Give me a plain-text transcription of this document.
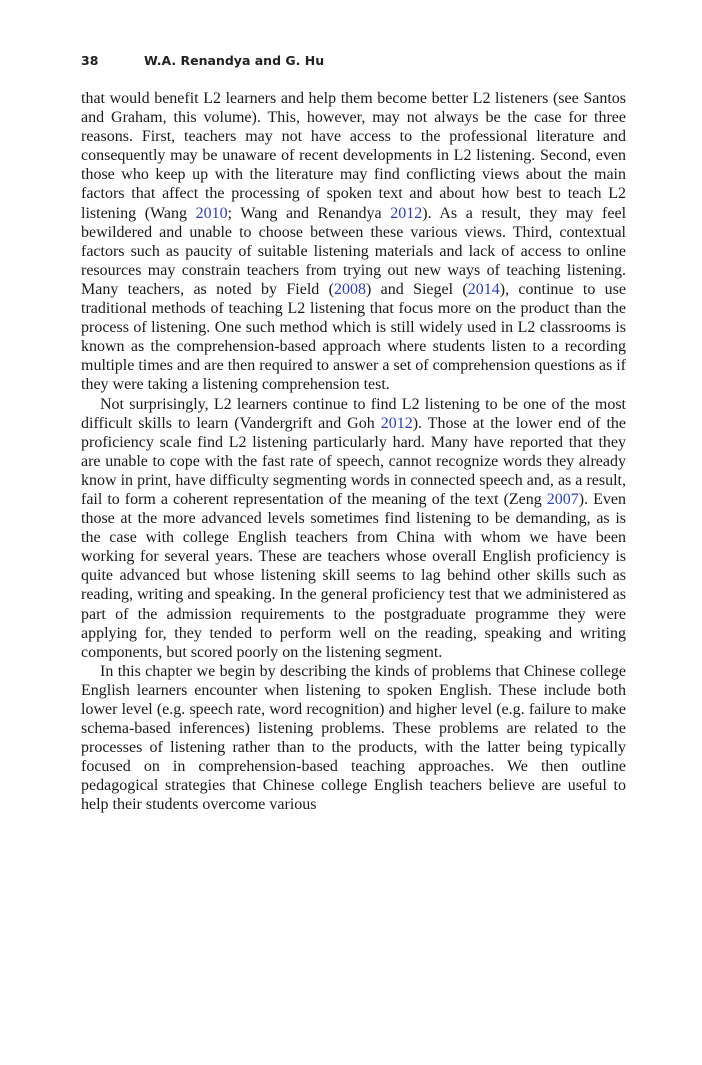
38	W.A. Renandya and G. Hu

that would benefit L2 learners and help them become better L2 listeners (see Santos and Graham, this volume). This, however, may not always be the case for three reasons. First, teachers may not have access to the professional literature and consequently may be unaware of recent developments in L2 listening. Second, even those who keep up with the literature may find conflicting views about the main factors that affect the processing of spoken text and about how best to teach L2 listening (Wang 2010; Wang and Renandya 2012). As a result, they may feel bewildered and unable to choose between these various views. Third, contextual factors such as paucity of suitable listening materials and lack of access to online resources may constrain teachers from trying out new ways of teaching listening. Many teachers, as noted by Field (2008) and Siegel (2014), continue to use traditional methods of teaching L2 listening that focus more on the product than the process of listening. One such method which is still widely used in L2 classrooms is known as the comprehension-based approach where students listen to a recording multiple times and are then required to answer a set of comprehension questions as if they were taking a listening comprehension test.

Not surprisingly, L2 learners continue to find L2 listening to be one of the most difficult skills to learn (Vandergrift and Goh 2012). Those at the lower end of the proficiency scale find L2 listening particularly hard. Many have reported that they are unable to cope with the fast rate of speech, cannot recognize words they already know in print, have difficulty segmenting words in connected speech and, as a result, fail to form a coherent representation of the meaning of the text (Zeng 2007). Even those at the more advanced levels sometimes find listening to be demanding, as is the case with college English teachers from China with whom we have been working for several years. These are teachers whose overall English proficiency is quite advanced but whose listening skill seems to lag behind other skills such as reading, writing and speaking. In the general proficiency test that we administered as part of the admission requirements to the postgraduate programme they were applying for, they tended to perform well on the reading, speaking and writing components, but scored poorly on the listening segment.

In this chapter we begin by describing the kinds of problems that Chinese college English learners encounter when listening to spoken English. These include both lower level (e.g. speech rate, word recognition) and higher level (e.g. failure to make schema-based inferences) listening problems. These problems are related to the processes of listening rather than to the products, with the latter being typically focused on in comprehension-based teaching approaches. We then outline pedagogical strategies that Chinese college English teachers believe are useful to help their students overcome various
